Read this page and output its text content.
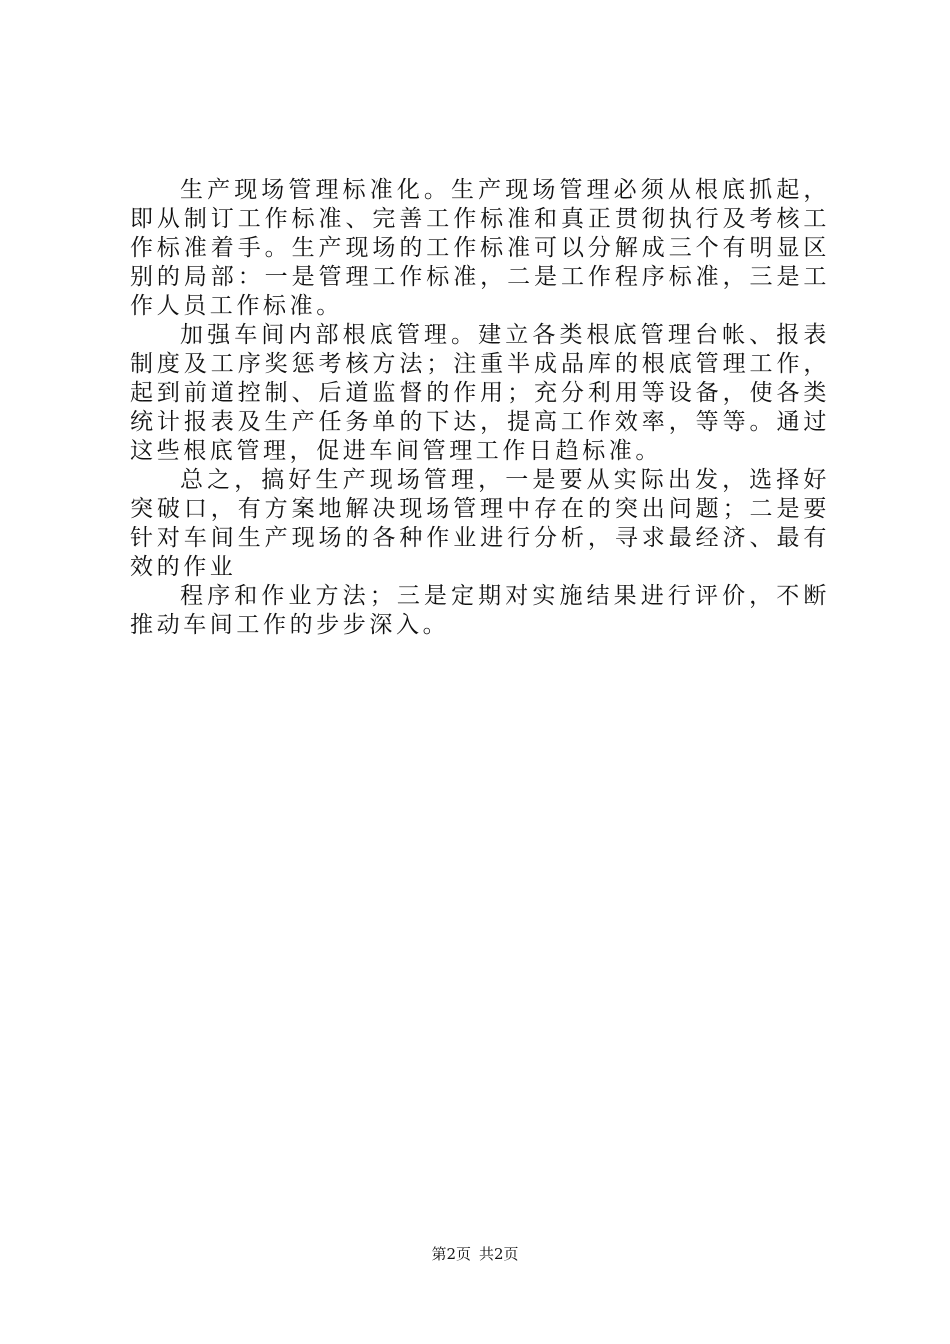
生产现场管理标准化。生产现场管理必须从根底抓起，即从制订工作标准、完善工作标准和真正贯彻执行及考核工作标准着手。生产现场的工作标准可以分解成三个有明显区别的局部：一是管理工作标准，二是工作程序标准，三是工作人员工作标准。

加强车间内部根底管理。建立各类根底管理台帐、报表制度及工序奖惩考核方法；注重半成品库的根底管理工作，起到前道控制、后道监督的作用；充分利用等设备，使各类统计报表及生产任务单的下达，提高工作效率，等等。通过这些根底管理，促进车间管理工作日趋标准。

总之，搞好生产现场管理，一是要从实际出发，选择好突破口，有方案地解决现场管理中存在的突出问题；二是要针对车间生产现场的各种作业进行分析，寻求最经济、最有效的作业

程序和作业方法；三是定期对实施结果进行评价，不断推动车间工作的步步深入。

第2页 共2页
